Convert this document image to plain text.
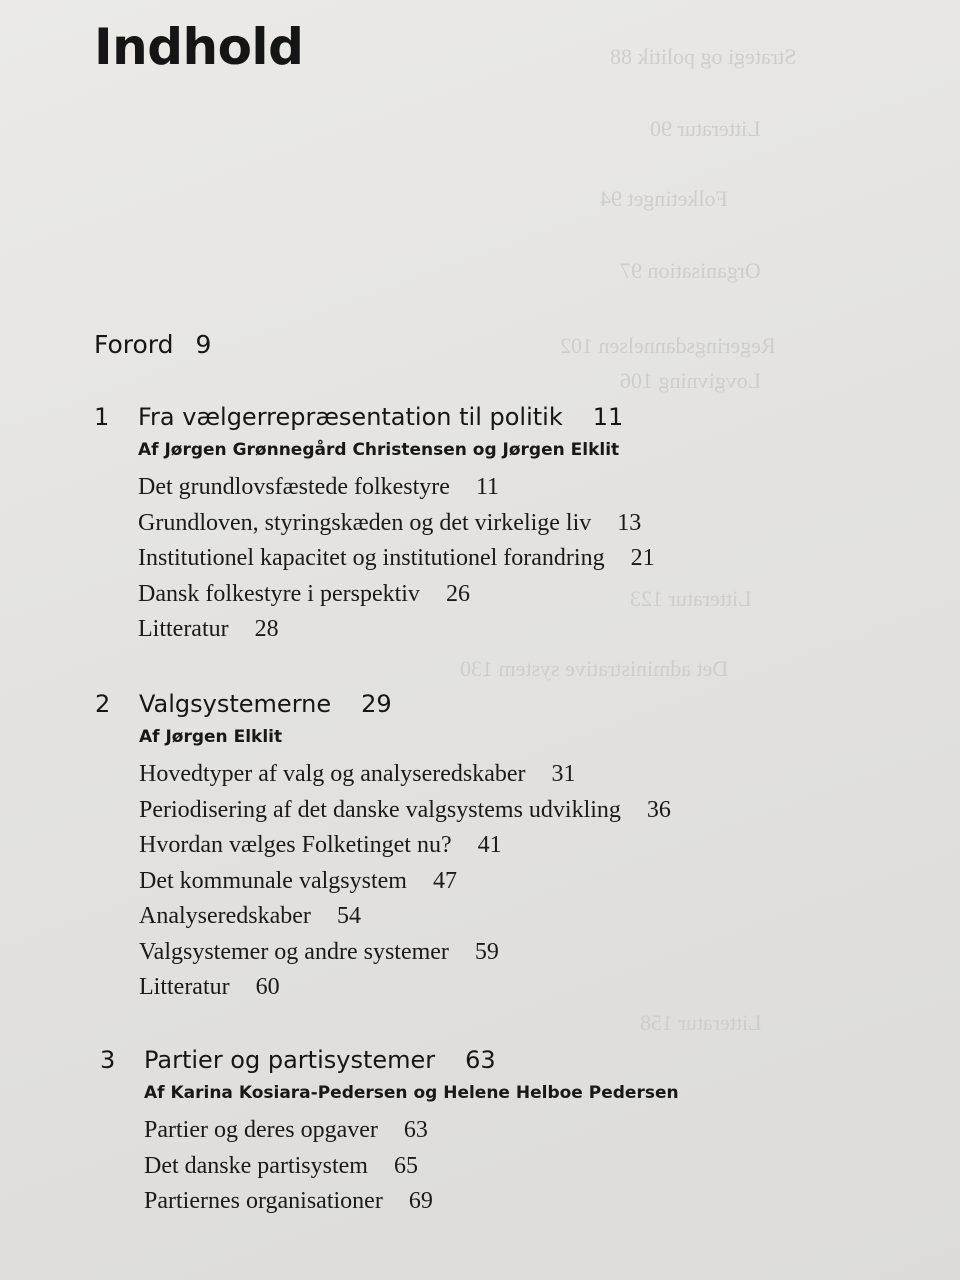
Strategi og politik 88
Litteratur 90
Folketinget 94
Organisation 97
Regeringsdannelsen 102
Lovgivning 106
Litteratur 123
Det administrative system 130
Litteratur 158
Indhold
Forord 9
1 Fra vælgerrepræsentation til politik 11
Af Jørgen Grønnegård Christensen og Jørgen Elklit
Det grundlovsfæstede folkestyre 11
Grundloven, styringskæden og det virkelige liv 13
Institutionel kapacitet og institutionel forandring 21
Dansk folkestyre i perspektiv 26
Litteratur 28
2 Valgsystemerne 29
Af Jørgen Elklit
Hovedtyper af valg og analyseredskaber 31
Periodisering af det danske valgsystems udvikling 36
Hvordan vælges Folketinget nu? 41
Det kommunale valgsystem 47
Analyseredskaber 54
Valgsystemer og andre systemer 59
Litteratur 60
3 Partier og partisystemer 63
Af Karina Kosiara-Pedersen og Helene Helboe Pedersen
Partier og deres opgaver 63
Det danske partisystem 65
Partiernes organisationer 69
